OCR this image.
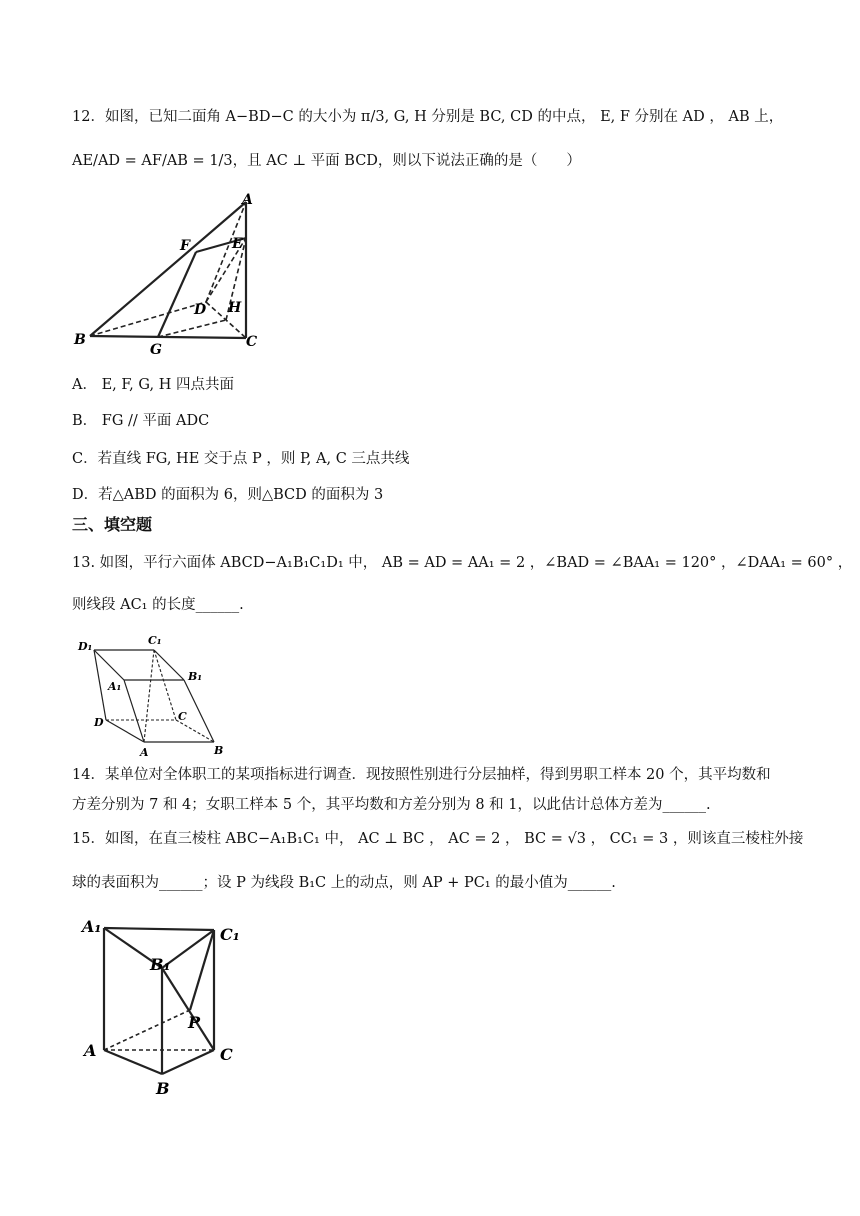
12．如图，已知二面角 A−BD−C 的大小为 π/3, G, H 分别是 BC, CD 的中点， E, F 分别在 AD ， AB 上，
AE/AD = AF/AB = 1/3，且 AC ⊥ 平面 BCD，则以下说法正确的是（　　）
A
E
F
D H
B
G	C
A． E, F, G, H 四点共面
B． FG // 平面 ADC
C．若直线 FG, HE 交于点 P ，则 P, A, C 三点共线
D．若△ABD 的面积为 6，则△BCD 的面积为 3
三、填空题
13. 如图，平行六面体 ABCD−A₁B₁C₁D₁ 中， AB = AD = AA₁ = 2 ，∠BAD = ∠BAA₁ = 120° ，∠DAA₁ = 60° ，
则线段 AC₁ 的长度______.
D₁	C₁
B₁
A₁
D	C
A	B
14．某单位对全体职工的某项指标进行调查．现按照性别进行分层抽样，得到男职工样本 20 个，其平均数和
方差分别为 7 和 4；女职工样本 5 个，其平均数和方差分别为 8 和 1，以此估计总体方差为______.
15．如图，在直三棱柱 ABC−A₁B₁C₁ 中， AC ⊥ BC ， AC = 2 ， BC = √3 ， CC₁ = 3 ，则该直三棱柱外接
球的表面积为______；设 P 为线段 B₁C 上的动点，则 AP + PC₁ 的最小值为______.
A₁	C₁
B₁
P
A	C
B
